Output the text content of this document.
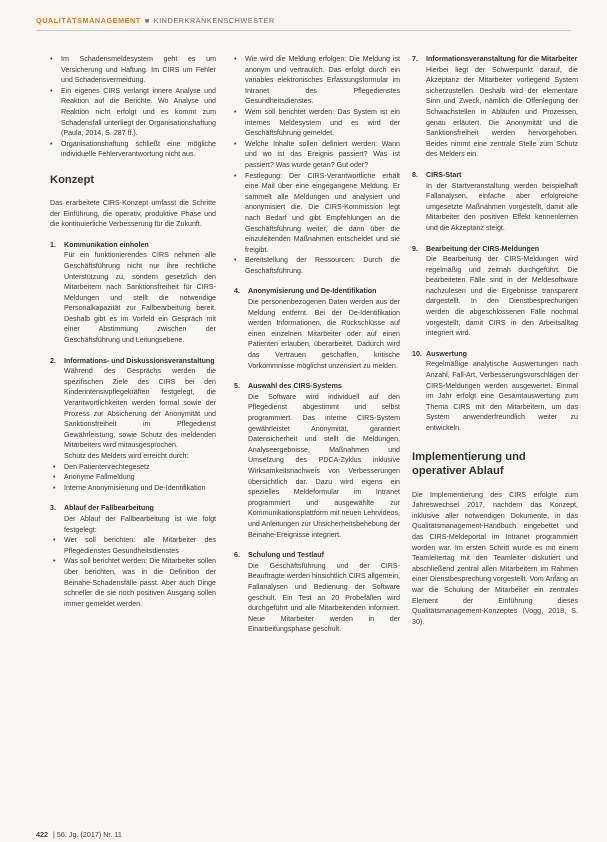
QUALITÄTSMANAGEMENT ■ KINDERKRANKENSCHWESTER
• Im Schadensmeldesystem geht es um Versicherung und Haftung. Im CIRS um Fehler und Schadensvermeidung.
• Ein eigenes CIRS verlangt innere Analyse und Reaktion auf die Berichte. Wo Analyse und Reaktion nicht erfolgt und es kommt zum Schadensfall unterliegt der Organisationshaftung (Paula, 2014, S. 287 ff.).
• Organisationshaftung schließt eine mögliche individuelle Fehlerverantwortung nicht aus.
Konzept

Das erarbeitete CIRS-Konzept umfasst die Schritte der Einführung, die operativ, produktive Phase und die kontinuierliche Verbesserung für die Zukunft.

1. Kommunikation einholen

Für ein funktionierendes CIRS nehmen alle Geschäftsführung nicht nur ihre rechtliche Unterstützung zu, sondern gesetzlich den Mitarbeitern nach Sanktionsfreiheit für CIRS-Meldungen und stellt die notwendige Personalkapazität zur Fallbearbeitung bereit. Deshalb gibt es im Vorfeld ein Gespräch mit einer Abstimmung zwischen der Geschäftsführung und Leitungsebene.

2. Informations- und Diskussionsveranstaltung

Während des Gesprächs werden die spezifischen Ziele des CIRS bei den Kinderintensivpflegekräften festgelegt, die Verantwortlichkeiten werden formal sowie der Prozess zur Absicherung der Anonymität und Sanktionsfreiheit im Pflegedienst Gewährleistung, sowie Schutz des meldenden Mitarbeiters wird mitausgesprochen.

Schutz des Melders wird erreicht durch:

• Den Patientenrechtegesetz
• Anonyme Fallmeldung
• Interne Anonymisierung und De-Identifikation
3. Ablauf der Fallbearbeitung

Der Ablauf der Fallbearbeitung ist wie folgt festgelegt:

• Wer soll berichten: alle Mitarbeiter des Pflegedienstes Gesundheitsdienstes
• Was soll berichtet werden: Die Mitarbeiter sollen über berichten, was in die Definition der Beinahe-Schadensfälle passt. Aber auch Dinge schneller die sie noch positiven Ausgang sollen immer gemeldet werden.
• Wie wird die Meldung erfolgen: Die Meldung ist anonym und vertraulich. Das erfolgt durch ein variables elektronisches Erfassungsformular im Intranet des Pflegedienstes Gesundheitsdienstes.
• Wem soll berichtet werden: Das System ist ein internes Meldesystem und es wird der Geschäftsführung gemeldet.
• Welche Inhalte sollen definiert werden: Wann und wo ist das Ereignis passiert? Was ist passiert? Was wurde getan? Gut oder?
• Festlegung: Der CIRS-Verantwortliche erhält eine Mail über eine eingegangene Meldung. Er sammelt alle Meldungen und analysiert und anonymisiert die. Die CIRS-Kommission legt nach Bedarf und gibt Empfehlungen an die Geschäftsführung weiter, die dann über die einzuleitenden Maßnahmen entscheidet und sie freigibt.
• Bereitstellung der Ressourcen: Durch die Geschäftsführung.
4. Anonymisierung und De-Identifikation

Die personenbezogenen Daten werden aus der Meldung entfernt. Bei der De-Identifikation werden Informationen, die Rückschlüsse auf einen einzelnen Mitarbeiter oder auf einen Patienten erlauben, überarbeitet. Dadurch wird das Vertrauen geschaffen, kritische Vorkommnisse möglichst unzensiert zu melden.

5. Auswahl des CIRS-Systems

Die Software wird individuell auf den Pflegedienst abgestimmt und selbst programmiert. Das interne CIRS-System gewährleistet Anonymität, garantiert Datensicherheit und stellt die Meldungen, Analyseergebnisse, Maßnahmen und Umsetzung des PDCA-Zyklus inklusive Wirksamkeitsnachweis von Verbesserungen übersichtlich dar. Dazu wird eigens ein spezielles Meldeformular im Intranet programmiert und ausgewählte zur Kommunikationsplattform mit neuen Lehrvideos, und Anleitungen zur Unsicherheitsbehebung der Beinahe-Ereignisse integriert.

6. Schulung und Testlauf

Die Geschäftsführung und der CIRS-Beauftragte werden hinsichtlich CIRS allgemein, Fallanalysen und Bedienung der Software geschult. Ein Test an 20 Probefällen wird durchgeführt und alle Mitarbeitenden informiert. Neue Mitarbeiter werden in der Einarbeitungsphase geschult.

7.	Informationsveranstaltung für die Mitarbeiter

Hierbei liegt der Schwerpunkt darauf, die Akzeptanz der Mitarbeiter vorliegend System sicherzustellen. Deshalb wird der elementare Sinn und Zweck, nämlich die Offenlegung der Schwachstellen in Abläufen und Prozessen, genau erläutert. Die Anonymität und die Sanktionsfreiheit werden hervorgehoben. Beides nimmt eine zentrale Stelle zum Schutz des Melders ein.

8. CIRS-Start

In der Startveranstaltung werden beispielhaft Fallanalysen, einfache aber erfolgreiche umgesetzte Maßnahmen vorgestellt, damit alle Mitarbeiter den positiven Effekt kennenlernen und die Akzeptanz steigt.

9. Bearbeitung der CIRS-Meldungen

Die Bearbeitung der CIRS-Meldungen wird regelmäßig und zeitnah durchgeführt. Die bearbeiteten Fälle sind in der Meldesoftware nachzulesen und die Ergebnisse transparent dargestellt. In den Dienstbesprechungen werden die abgeschlossenen Fälle nochmal vorgestellt, damit CIRS in den Arbeitsalltag integriert wird.

10. Auswertung

Regelmäßige analytische Auswertungen nach Anzahl, Fall-Art, Verbesserungsvorschlägen der CIRS-Meldungen werden ausgewertet. Einmal im Jahr erfolgt eine Gesamtauswertung zum Thema CIRS mit den Mitarbeitern, um das System anwenderfreundlich weiter zu entwickeln.

Implementierung und
operativer Ablauf

Die Implementierung des CIRS erfolgte zum Jahreswechsel 2017, nachdem das Konzept, inklusive aller notwendigen Dokumente, in das Qualitätsmanagement-Handbuch eingebettet und das CIRS-Meldeportal im Intranet programmiert worden war. Im ersten Schritt wurde es mit einem Teamleitertag mit den Teamleiter diskutiert und abschließend zentral allen Mitarbeitern im Rahmen einer Dienstbesprechung vorgestellt. Vom Anfang an war die Schulung der Mitarbeiter ein zentrales Element der Einführung dieses Qualitätsmanagement-Konzeptes (Vogg, 2018, S. 30).

422 | 56. Jg. (2017) Nr. 11
